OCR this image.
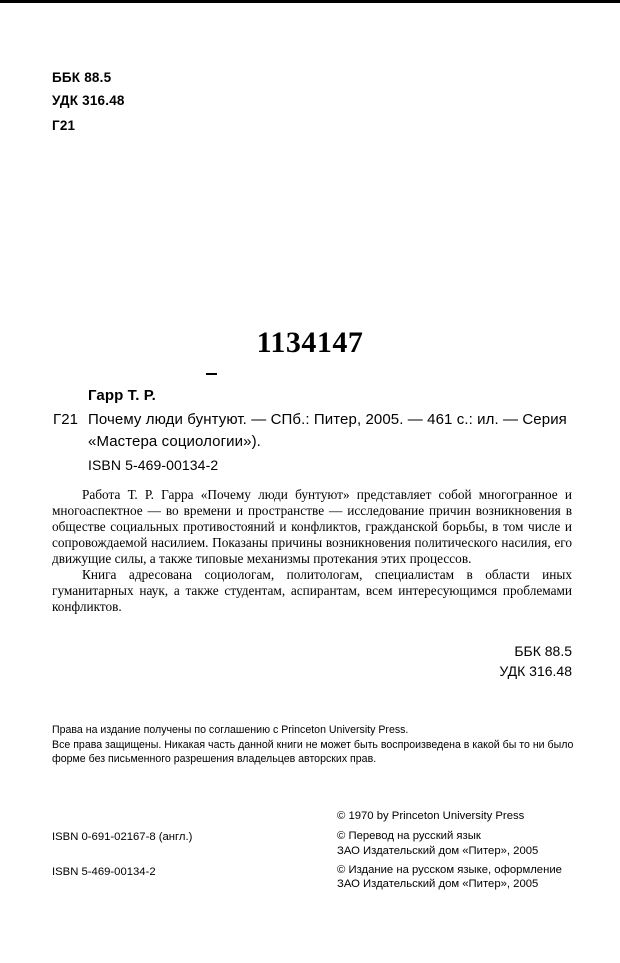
ББК 88.5
УДК 316.48
Г21
1134147
Гарр Т. Р.
Г21 Почему люди бунтуют. — СПб.: Питер, 2005. — 461 с.: ил. — Серия
«Мастера социологии»).
ISBN 5-469-00134-2

Работа Т. Р. Гарра «Почему люди бунтуют» представляет собой многогранное и многоаспектное — во времени и пространстве — исследование причин возникновения в обществе социальных противостояний и конфликтов, гражданской борьбы, в том числе и сопровождаемой насилием. Показаны причины возникновения политического насилия, его движущие силы, а также типовые механизмы протекания этих процессов.

Книга адресована социологам, политологам, специалистам в области иных гуманитарных наук, а также студентам, аспирантам, всем интересующимся проблемами конфликтов.

ББК 88.5
УДК 316.48
Права на издание получены по соглашению с Princeton University Press.
Все права защищены. Никакая часть данной книги не может быть воспроизведена в какой бы то ни было
форме без письменного разрешения владельцев авторских прав.
© 1970 by Princeton University Press
© Перевод на русский язык
ЗАО Издательский дом «Питер», 2005
© Издание на русском языке, оформление
ЗАО Издательский дом «Питер», 2005
ISBN 0-691-02167-8 (англ.)
ISBN 5-469-00134-2
